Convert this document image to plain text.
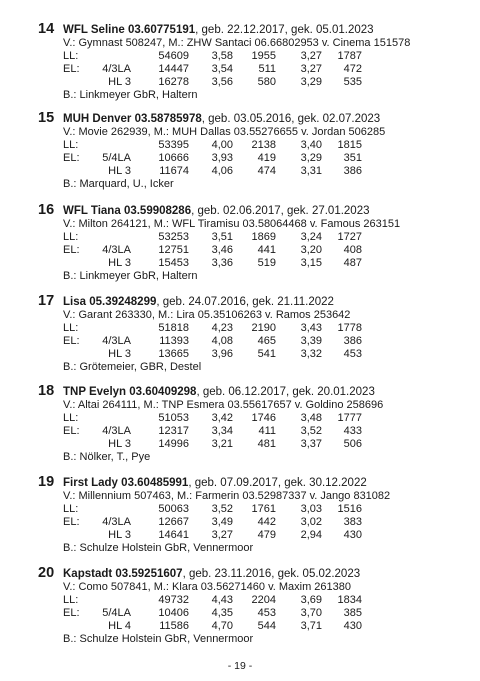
14 WFL Seline 03.60775191, geb. 22.12.2017, gek. 05.01.2023
V.: Gymnast 508247, M.: ZHW Santaci 06.66802953 v. Cinema 151578
LL:	54609 3,58 1955 3,27 1787
EL: 4/3LA 14447 3,54 511 3,27 472
HL 3 16278 3,56 580 3,29 535
B.: Linkmeyer GbR, Haltern
15 MUH Denver 03.58785978, geb. 03.05.2016, gek. 02.07.2023
V.: Movie 262939, M.: MUH Dallas 03.55276655 v. Jordan 506285
LL:	53395 4,00 2138 3,40 1815
EL: 5/4LA 10666 3,93 419 3,29 351
HL 3	11674 4,06 474 3,31 386
B.: Marquard, U., Icker
16 WFL Tiana 03.59908286, geb. 02.06.2017, gek. 27.01.2023
V.: Milton 264121, M.: WFL Tiramisu 03.58064468 v. Famous 263151
LL:	53253 3,51 1869 3,24 1727
EL: 4/3LA 12751 3,46 441 3,20 408
HL 3 15453 3,36 519 3,15 487
B.: Linkmeyer GbR, Haltern
17 Lisa 05.39248299, geb. 24.07.2016, gek. 21.11.2022
V.: Garant 263330, M.: Lira 05.35106263 v. Ramos 253642
LL:	51818 4,23 2190 3,43 1778
EL: 4/3LA	11393 4,08 465 3,39 386
HL 3 13665 3,96 541 3,32 453
B.: Grötemeier, GBR, Destel
18 TNP Evelyn 03.60409298, geb. 06.12.2017, gek. 20.01.2023
V.: Altai 264111, M.: TNP Esmera 03.55617657 v. Goldino 258696
LL:	51053 3,42 1746 3,48 1777
EL: 4/3LA 12317 3,34 411 3,52 433
HL 3 14996 3,21 481 3,37 506
B.: Nölker, T., Pye
19 First Lady 03.60485991, geb. 07.09.2017, gek. 30.12.2022
V.: Millennium 507463, M.: Farmerin 03.52987337 v. Jango 831082
LL:	50063 3,52 1761 3,03 1516
EL: 4/3LA 12667 3,49 442 3,02 383
HL 3 14641 3,27 479 2,94 430
B.: Schulze Holstein GbR, Vennermoor
20 Kapstadt 03.59251607, geb. 23.11.2016, gek. 05.02.2023
V.: Como 507841, M.: Klara 03.56271460 v. Maxim 261380
LL:	49732 4,43 2204 3,69 1834
EL: 5/4LA 10406 4,35 453 3,70 385
HL 4	11586 4,70 544 3,71 430
B.: Schulze Holstein GbR, Vennermoor
- 19 -
